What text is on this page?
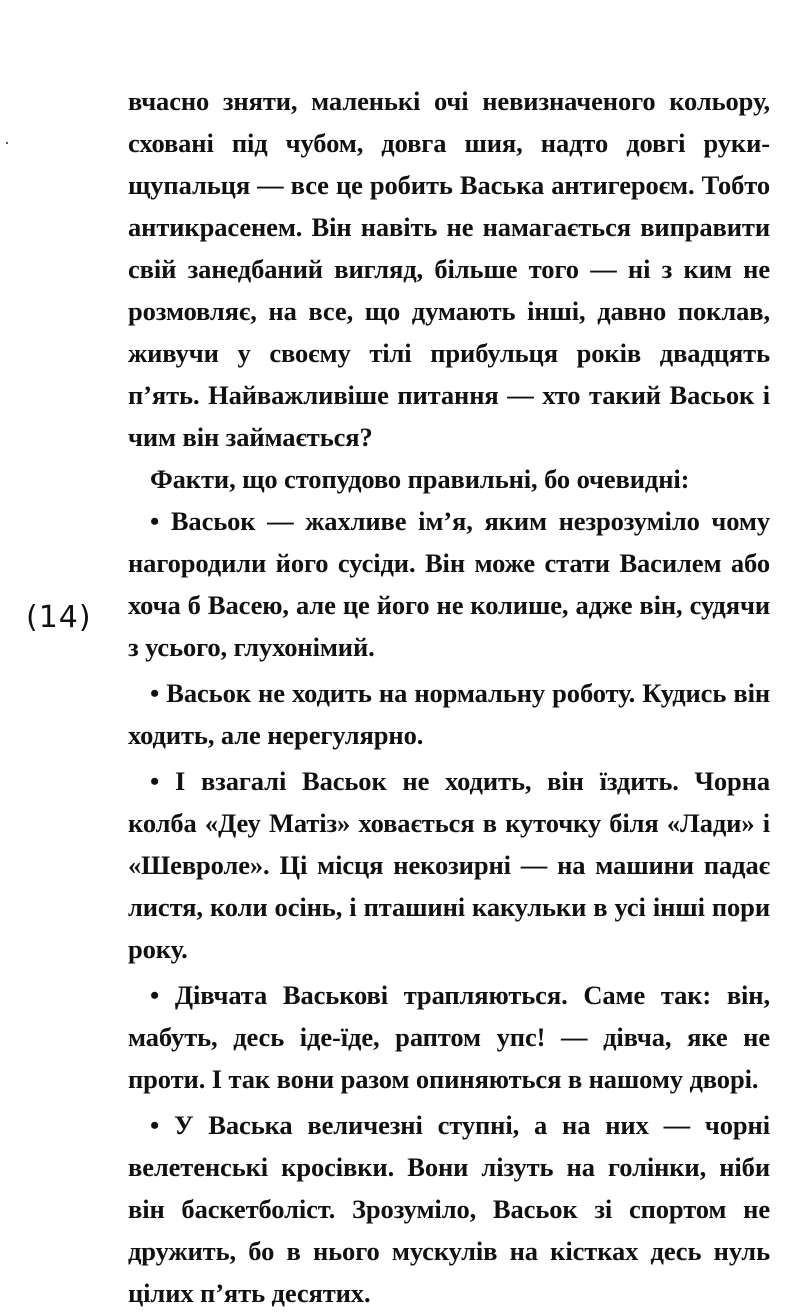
вчасно зняти, маленькі очі невизначеного кольору, сховані під чубом, довга шия, надто довгі руки-щупальця — все це робить Васька антигероєм. Тобто антикрасенем. Він навіть не намагається виправити свій занедбаний вигляд, більше того — ні з ким не розмовляє, на все, що думають інші, давно поклав, живучи у своєму тілі прибульця років двадцять п’ять. Найважливіше питання — хто такий Васьок і чим він займається?

Факти, що стопудово правильні, бо очевидні:

• Васьок — жахливе ім’я, яким незрозуміло чому нагородили його сусіди. Він може стати Василем або хоча б Васею, але це його не колише, адже він, судячи з усього, глухонімий.

• Васьок не ходить на нормальну роботу. Кудись він ходить, але нерегулярно.

• І взагалі Васьок не ходить, він їздить. Чорна колба «Деу Матіз» ховається в куточку біля «Лади» і «Шевроле». Ці місця некозирні — на машини падає листя, коли осінь, і пташині какульки в усі інші пори року.

• Дівчата Васькові трапляються. Саме так: він, мабуть, десь іде-їде, раптом упс! — дівча, яке не проти. І так вони разом опиняються в нашому дворі.

• У Васька величезні ступні, а на них — чорні велетенські кросівки. Вони лізуть на голінки, ніби він баскетболіст. Зрозуміло, Васьок зі спортом не дружить, бо в нього мускулів на кістках десь нуль цілих п’ять десятих.

(14)
